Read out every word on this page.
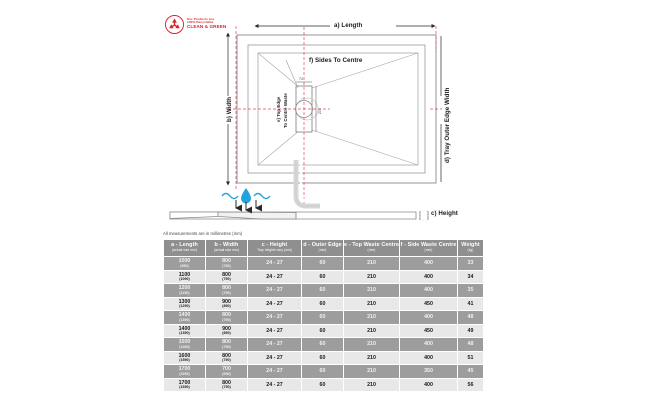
Our Products Are
100% Recyclable
CLEAN & GREEN	a) Length
b) Width
c) Height
d) Tray Outer Edge Width
e) Top Edge To Centre Waste
f) Sides To Centre
74
200
All measurements are in millimetres (mm)
a - Length
(actual size mm)	b - Width
(actual size mm)	c - Height
Tray heights vary (mm)	d - Outer Edge
(mm)	e - Top Waste Centre
(mm)	f - Side Waste Centre
(mm)	Weight
(kg)

1000
(990)	800
(790)	24 - 27	60	210	400	33

1100
(1090)	800
(790)	24 - 27	60	210	400	34

1200
(1190)	800
(790)	24 - 27	60	210	400	35

1300
(1290)	900
(890)	24 - 27	60	210	450	41

1400
(1390)	800
(790)	24 - 27	60	210	400	48

1400
(1390)	900
(890)	24 - 27	60	210	450	49

1500
(1490)	800
(790)	24 - 27	60	210	400	48

1600
(1590)	800
(790)	24 - 27	60	210	400	51

1700
(1690)	700
(690)	24 - 27	60	210	350	45

1700
(1690)	800
(790)	24 - 27	60	210	400	56
